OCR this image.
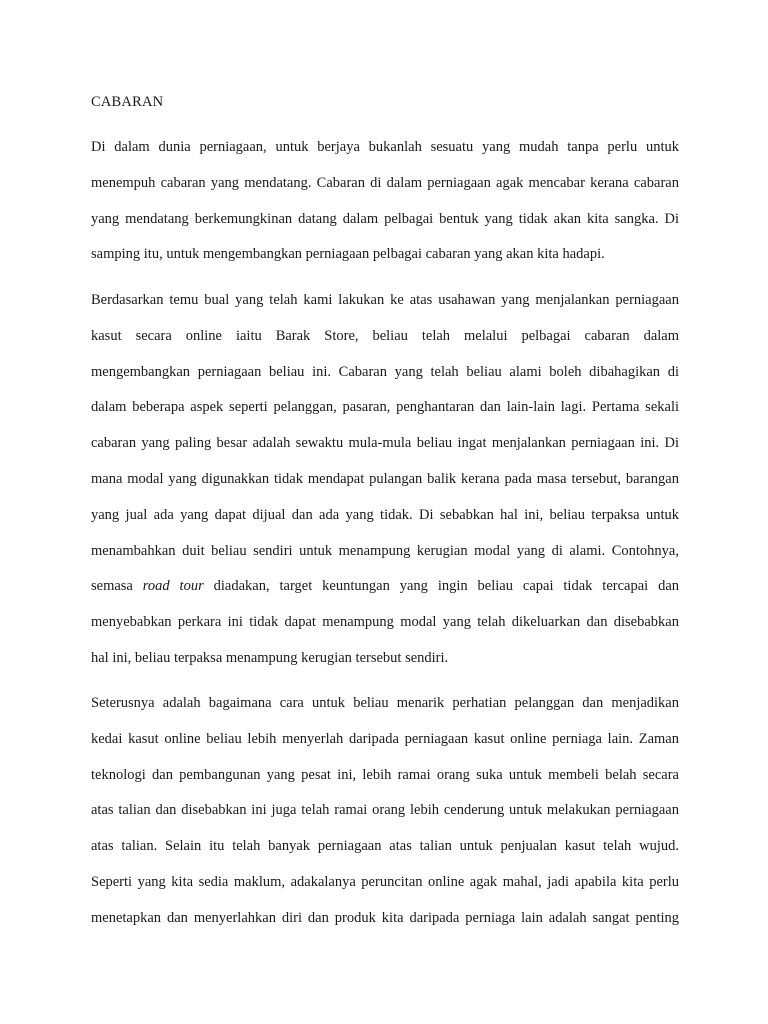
CABARAN
Di dalam dunia perniagaan, untuk berjaya bukanlah sesuatu yang mudah tanpa perlu untuk
menempuh cabaran yang mendatang. Cabaran di dalam perniagaan agak mencabar kerana cabaran
yang mendatang berkemungkinan datang dalam pelbagai bentuk yang tidak akan kita sangka. Di
samping itu, untuk mengembangkan perniagaan pelbagai cabaran yang akan kita hadapi.
Berdasarkan temu bual yang telah kami lakukan ke atas usahawan yang menjalankan perniagaan
kasut secara online iaitu Barak Store, beliau telah melalui pelbagai cabaran dalam
mengembangkan perniagaan beliau ini. Cabaran yang telah beliau alami boleh dibahagikan di
dalam beberapa aspek seperti pelanggan, pasaran, penghantaran dan lain-lain lagi. Pertama sekali
cabaran yang paling besar adalah sewaktu mula-mula beliau ingat menjalankan perniagaan ini. Di
mana modal yang digunakkan tidak mendapat pulangan balik kerana pada masa tersebut, barangan
yang jual ada yang dapat dijual dan ada yang tidak. Di sebabkan hal ini, beliau terpaksa untuk
menambahkan duit beliau sendiri untuk menampung kerugian modal yang di alami. Contohnya,
semasa road tour diadakan, target keuntungan yang ingin beliau capai tidak tercapai dan
menyebabkan perkara ini tidak dapat menampung modal yang telah dikeluarkan dan disebabkan
hal ini, beliau terpaksa menampung kerugian tersebut sendiri.
Seterusnya adalah bagaimana cara untuk beliau menarik perhatian pelanggan dan menjadikan
kedai kasut online beliau lebih menyerlah daripada perniagaan kasut online perniaga lain. Zaman
teknologi dan pembangunan yang pesat ini, lebih ramai orang suka untuk membeli belah secara
atas talian dan disebabkan ini juga telah ramai orang lebih cenderung untuk melakukan perniagaan
atas talian. Selain itu telah banyak perniagaan atas talian untuk penjualan kasut telah wujud.
Seperti yang kita sedia maklum, adakalanya peruncitan online agak mahal, jadi apabila kita perlu
menetapkan dan menyerlahkan diri dan produk kita daripada perniaga lain adalah sangat penting
